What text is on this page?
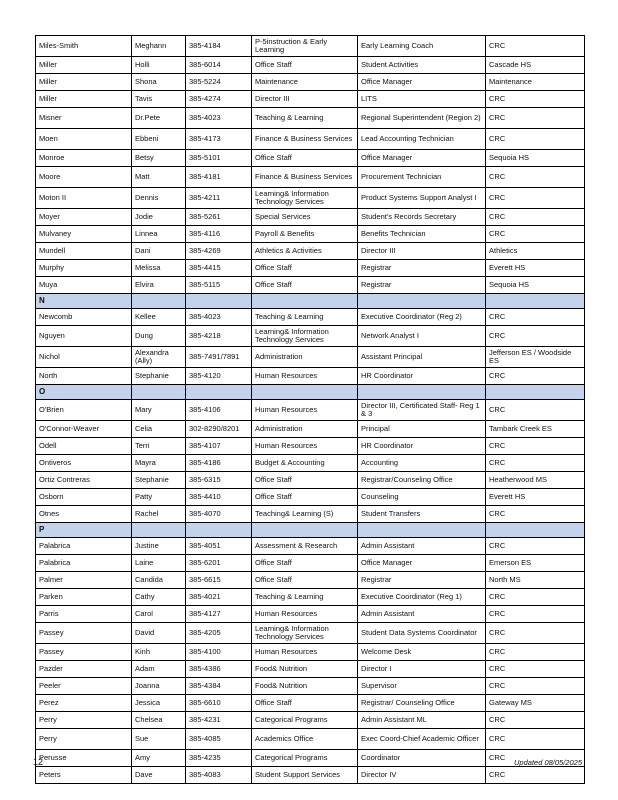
Miles-Smith	Meghann	385-4184	P-5instruction & Early Learning	Early Learning Coach	CRC
Miller	Holli	385-6014	Office Staff	Student Activities	Cascade HS
Miller	Shona	385-5224	Maintenance	Office Manager	Maintenance
Miller	Tavis	385-4274	Director III	LITS	CRC
Misner	Dr.Pete	385-4023	Teaching & Learning	Regional Superintendent (Region 2)	CRC
Moen	Ebbeni	385-4173	Finance & Business Services	Lead Accounting Technician	CRC
Monroe	Betsy	385-5101	Office Staff	Office Manager	Sequoia HS
Moore	Matt	385-4181	Finance & Business Services	Procurement Technician	CRC
Moton II	Dennis	385-4211	Learning& Information Technology Services	Product Systems Support Analyst I	CRC
Moyer	Jodie	385-5261	Special Services	Student's Records Secretary	CRC
Mulvaney	Linnea	385-4116	Payroll & Benefits	Benefits Technician	CRC
Mundell	Dani	385-4269	Athletics & Activities	Director III	Athletics
Murphy	Melissa	385-4415	Office Staff	Registrar	Everett HS
Muya	Elvira	385-5115	Office Staff	Registrar	Sequoia HS
N					
Newcomb	Kellee	385-4023	Teaching & Learning	Executive Coordinator (Reg 2)	CRC
Nguyen	Dung	385-4218	Learning& Information Technology Services	Network Analyst I	CRC
Nichol	Alexandra (Ally)	385-7491/7891	Administration	Assistant Principal	Jefferson ES / Woodside ES
North	Stephanie	385-4120	Human Resources	HR Coordinator	CRC
O					
O'Brien	Mary	385-4106	Human Resources	Director III, Certificated Staff- Reg 1 & 3	CRC
O'Connor-Weaver	Celia	302-8290/8201	Administration	Principal	Tambark Creek ES
Odell	Terri	385-4107	Human Resources	HR Coordinator	CRC
Ontiveros	Mayra	385-4186	Budget & Accounting	Accounting	CRC
Ortiz Contreras	Stephanie	385-6315	Office Staff	Registrar/Counseling Office	Heatherwood MS
Osborn	Patty	385-4410	Office Staff	Counseling	Everett HS
Otnes	Rachel	385-4070	Teaching& Learning (S)	Student Transfers	CRC
P					
Palabrica	Justine	385-4051	Assessment & Research	Admin Assistant	CRC
Palabrica	Laine	385-6201	Office Staff	Office Manager	Emerson ES
Palmer	Candida	385-6615	Office Staff	Registrar	North MS
Parken	Cathy	385-4021	Teaching & Learning	Executive Coordinator (Reg 1)	CRC
Parris	Carol	385-4127	Human Resources	Admin Assistant	CRC
Passey	David	385-4205	Learning& Information Technology Services	Student Data Systems Coordinator	CRC
Passey	Kinh	385-4100	Human Resources	Welcome Desk	CRC
Pazder	Adam	385-4386	Food& Nutrition	Director I	CRC
Peeler	Joanna	385-4384	Food& Nutrition	Supervisor	CRC
Perez	Jessica	385-6610	Office Staff	Registrar/ Counseling Office	Gateway MS
Perry	Chelsea	385-4231	Categorical Programs	Admin Assistant ML	CRC
Perry	Sue	385-4085	Academics Office	Exec Coord-Chief Academic Officer	CRC
Perusse	Amy	385-4235	Categorical Programs	Coordinator	CRC
Peters	Dave	385-4083	Student Support Services	Director IV	CRC
12	Updated 08/05/2025
